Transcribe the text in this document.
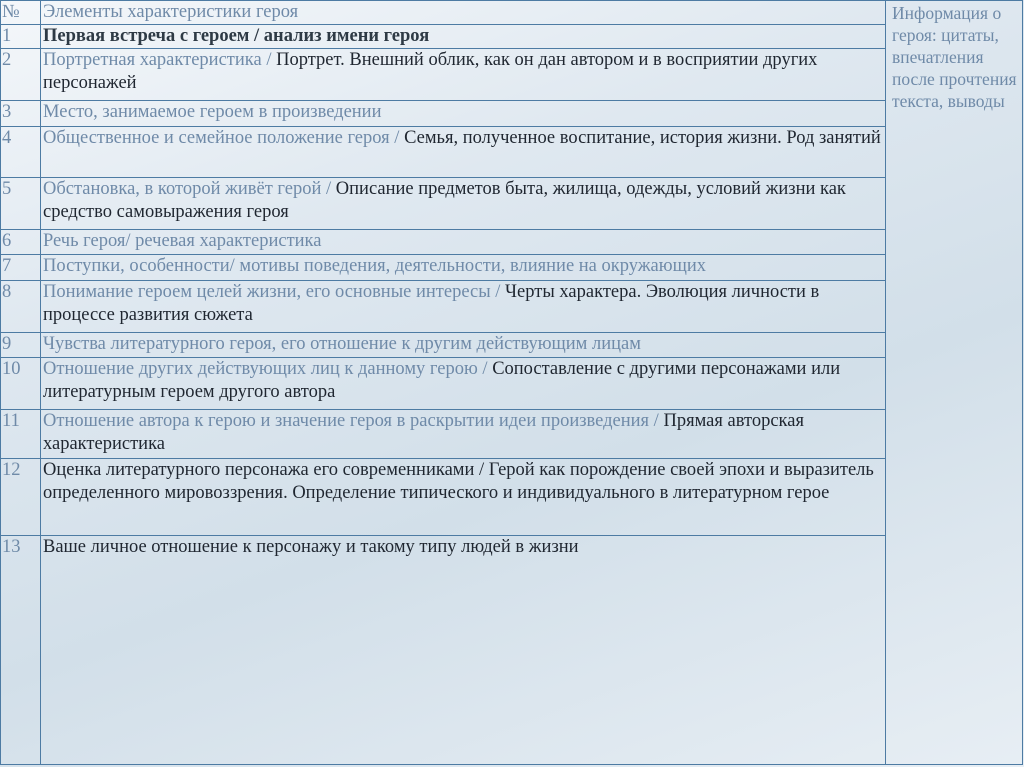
№	Элементы характеристики героя	Информация о героя: цитаты, впечатления после прочтения текста, выводы
1	Первая встреча с героем / анализ имени героя	
2	Портретная характеристика / Портрет. Внешний облик, как он дан автором и в восприятии других персонажей	
3	Место, занимаемое героем в произведении	
4	Общественное и семейное положение героя / Семья, полученное воспитание, история жизни. Род занятий	
5	Обстановка, в которой живёт герой / Описание предметов быта, жилища, одежды, условий жизни как средство самовыражения героя	
6	Речь героя/ речевая характеристика	
7	Поступки, особенности/ мотивы поведения, деятельности, влияние на окружающих	
8	Понимание героем целей жизни, его основные интересы / Черты характера. Эволюция личности в процессе развития сюжета	
9	Чувства литературного героя, его отношение к другим действующим лицам	
10	Отношение других действующих лиц к данному герою / Сопоставление с другими персонажами или литературным героем другого автора	
11	Отношение автора к герою и значение героя в раскрытии идеи произведения / Прямая авторская характеристика	
12	Оценка литературного персонажа его современниками / Герой как порождение своей эпохи и выразитель определенного мировоззрения. Определение типического и индивидуального в литературном герое	
13	Ваше личное отношение к персонажу и такому типу людей в жизни	
